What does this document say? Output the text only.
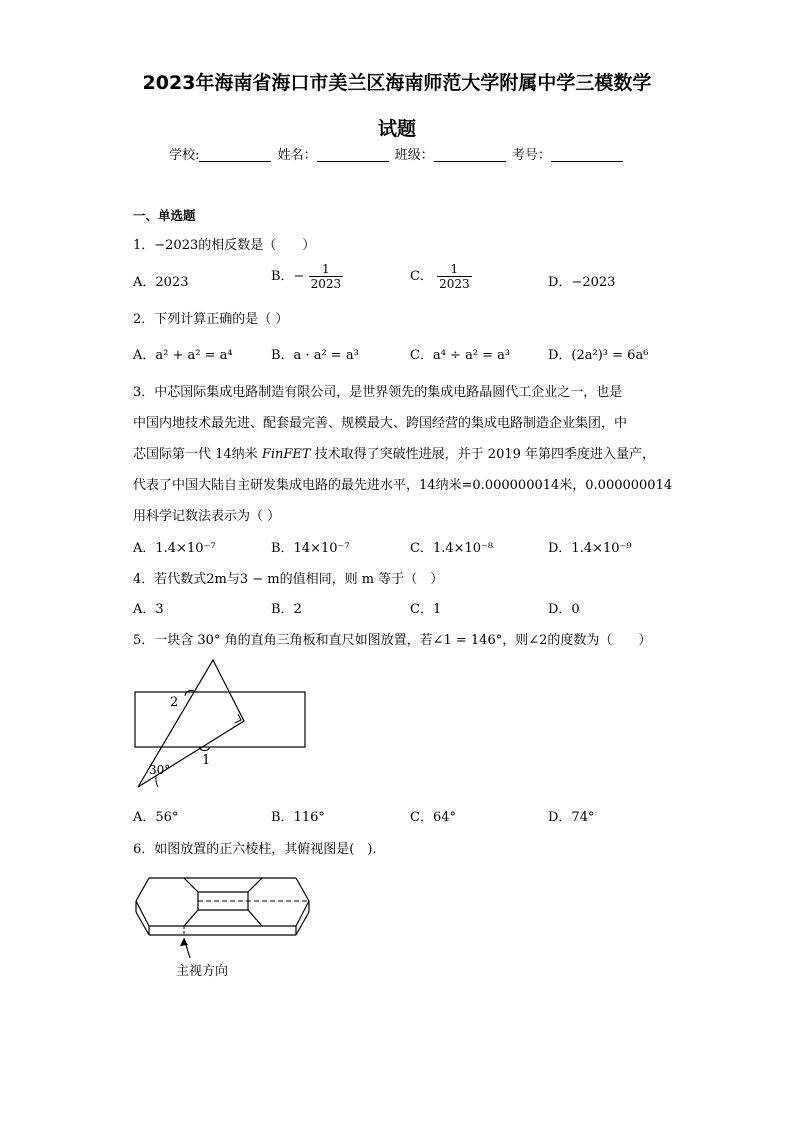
2023年海南省海口市美兰区海南师范大学附属中学三模数学
试题
学校:	姓名：	班级：	考号：
一、单选题
1．−2023的相反数是（　　）
A．2023	B．− $\frac{1}{2023}$	C． $\frac{1}{2023}$	D．−2023
2．下列计算正确的是（ ）
A．a² + a² = a⁴	B．a · a² = a³	C．a⁴ ÷ a² = a³	D．(2a²)³ = 6a⁶
3．中芯国际集成电路制造有限公司，是世界领先的集成电路晶圆代工企业之一，也是
中国内地技术最先进、配套最完善、规模最大、跨国经营的集成电路制造企业集团，中
芯国际第一代 14纳米 FinFET 技术取得了突破性进展，并于 2019 年第四季度进入量产，
代表了中国大陆自主研发集成电路的最先进水平，14纳米=0.000000014米，0.000000014
用科学记数法表示为（ ）
A．1.4×10⁻⁷	B．14×10⁻⁷	C．1.4×10⁻⁸	D．1.4×10⁻⁹
4．若代数式2m与3 − m的值相同，则 m 等于（　）
A．3	B．2	C．1	D．0
5．一块含 30° 角的直角三角板和直尺如图放置，若∠1 = 146°，则∠2的度数为（　　）
2
1
30°
A．56°	B．116°	C．64°	D．74°
6．如图放置的正六棱柱，其俯视图是(　).
主视方向
